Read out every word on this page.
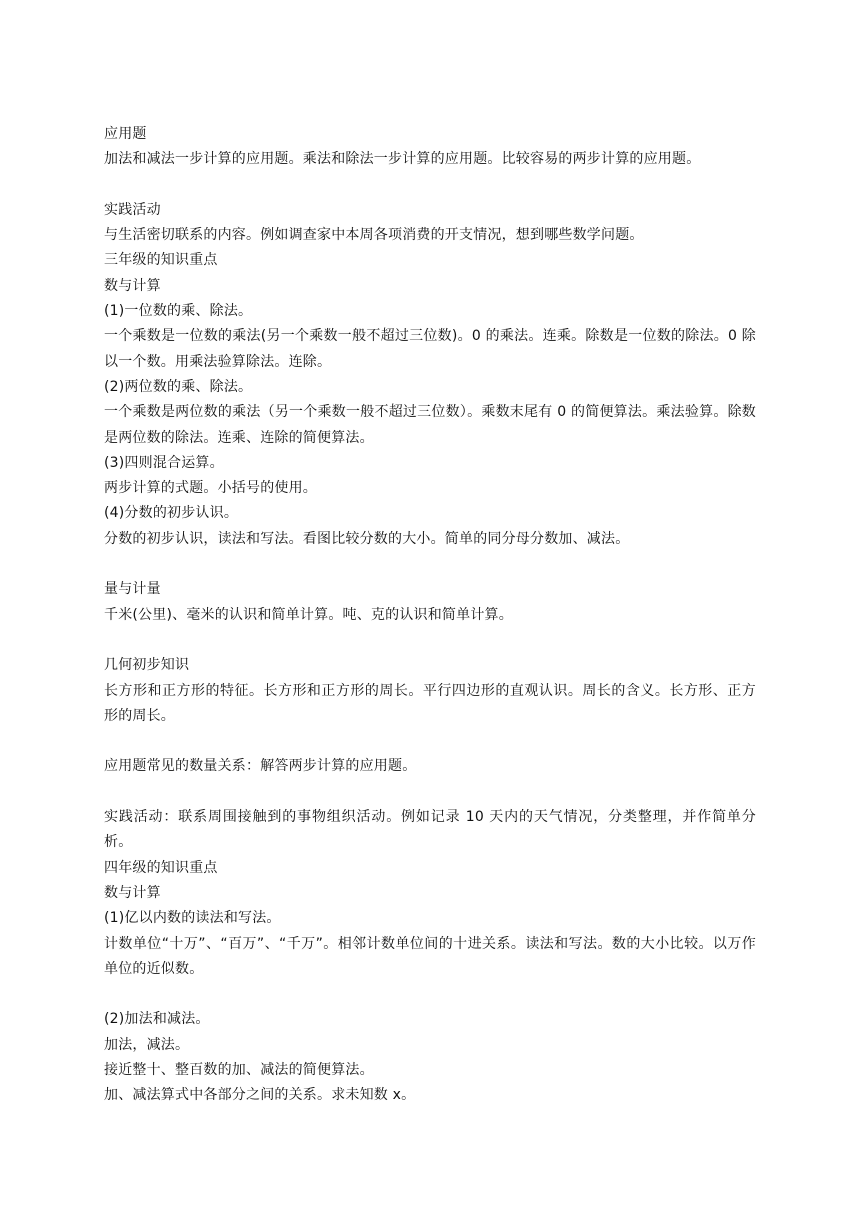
应用题
加法和减法一步计算的应用题。乘法和除法一步计算的应用题。比较容易的两步计算的应用题。
实践活动
与生活密切联系的内容。例如调查家中本周各项消费的开支情况，想到哪些数学问题。
三年级的知识重点
数与计算
(1)一位数的乘、除法。
一个乘数是一位数的乘法(另一个乘数一般不超过三位数)。0 的乘法。连乘。除数是一位数的除法。0 除以一个数。用乘法验算除法。连除。
(2)两位数的乘、除法。
一个乘数是两位数的乘法（另一个乘数一般不超过三位数）。乘数末尾有 0 的简便算法。乘法验算。除数是两位数的除法。连乘、连除的简便算法。
(3)四则混合运算。
两步计算的式题。小括号的使用。
(4)分数的初步认识。
分数的初步认识，读法和写法。看图比较分数的大小。简单的同分母分数加、减法。
量与计量
千米(公里)、毫米的认识和简单计算。吨、克的认识和简单计算。
几何初步知识
长方形和正方形的特征。长方形和正方形的周长。平行四边形的直观认识。周长的含义。长方形、正方形的周长。
应用题常见的数量关系：解答两步计算的应用题。
实践活动：联系周围接触到的事物组织活动。例如记录 10 天内的天气情况，分类整理，并作简单分析。
四年级的知识重点
数与计算
(1)亿以内数的读法和写法。
计数单位“十万”、“百万”、“千万”。相邻计数单位间的十进关系。读法和写法。数的大小比较。以万作单位的近似数。
(2)加法和减法。
加法，减法。
接近整十、整百数的加、减法的简便算法。
加、减法算式中各部分之间的关系。求未知数 x。
